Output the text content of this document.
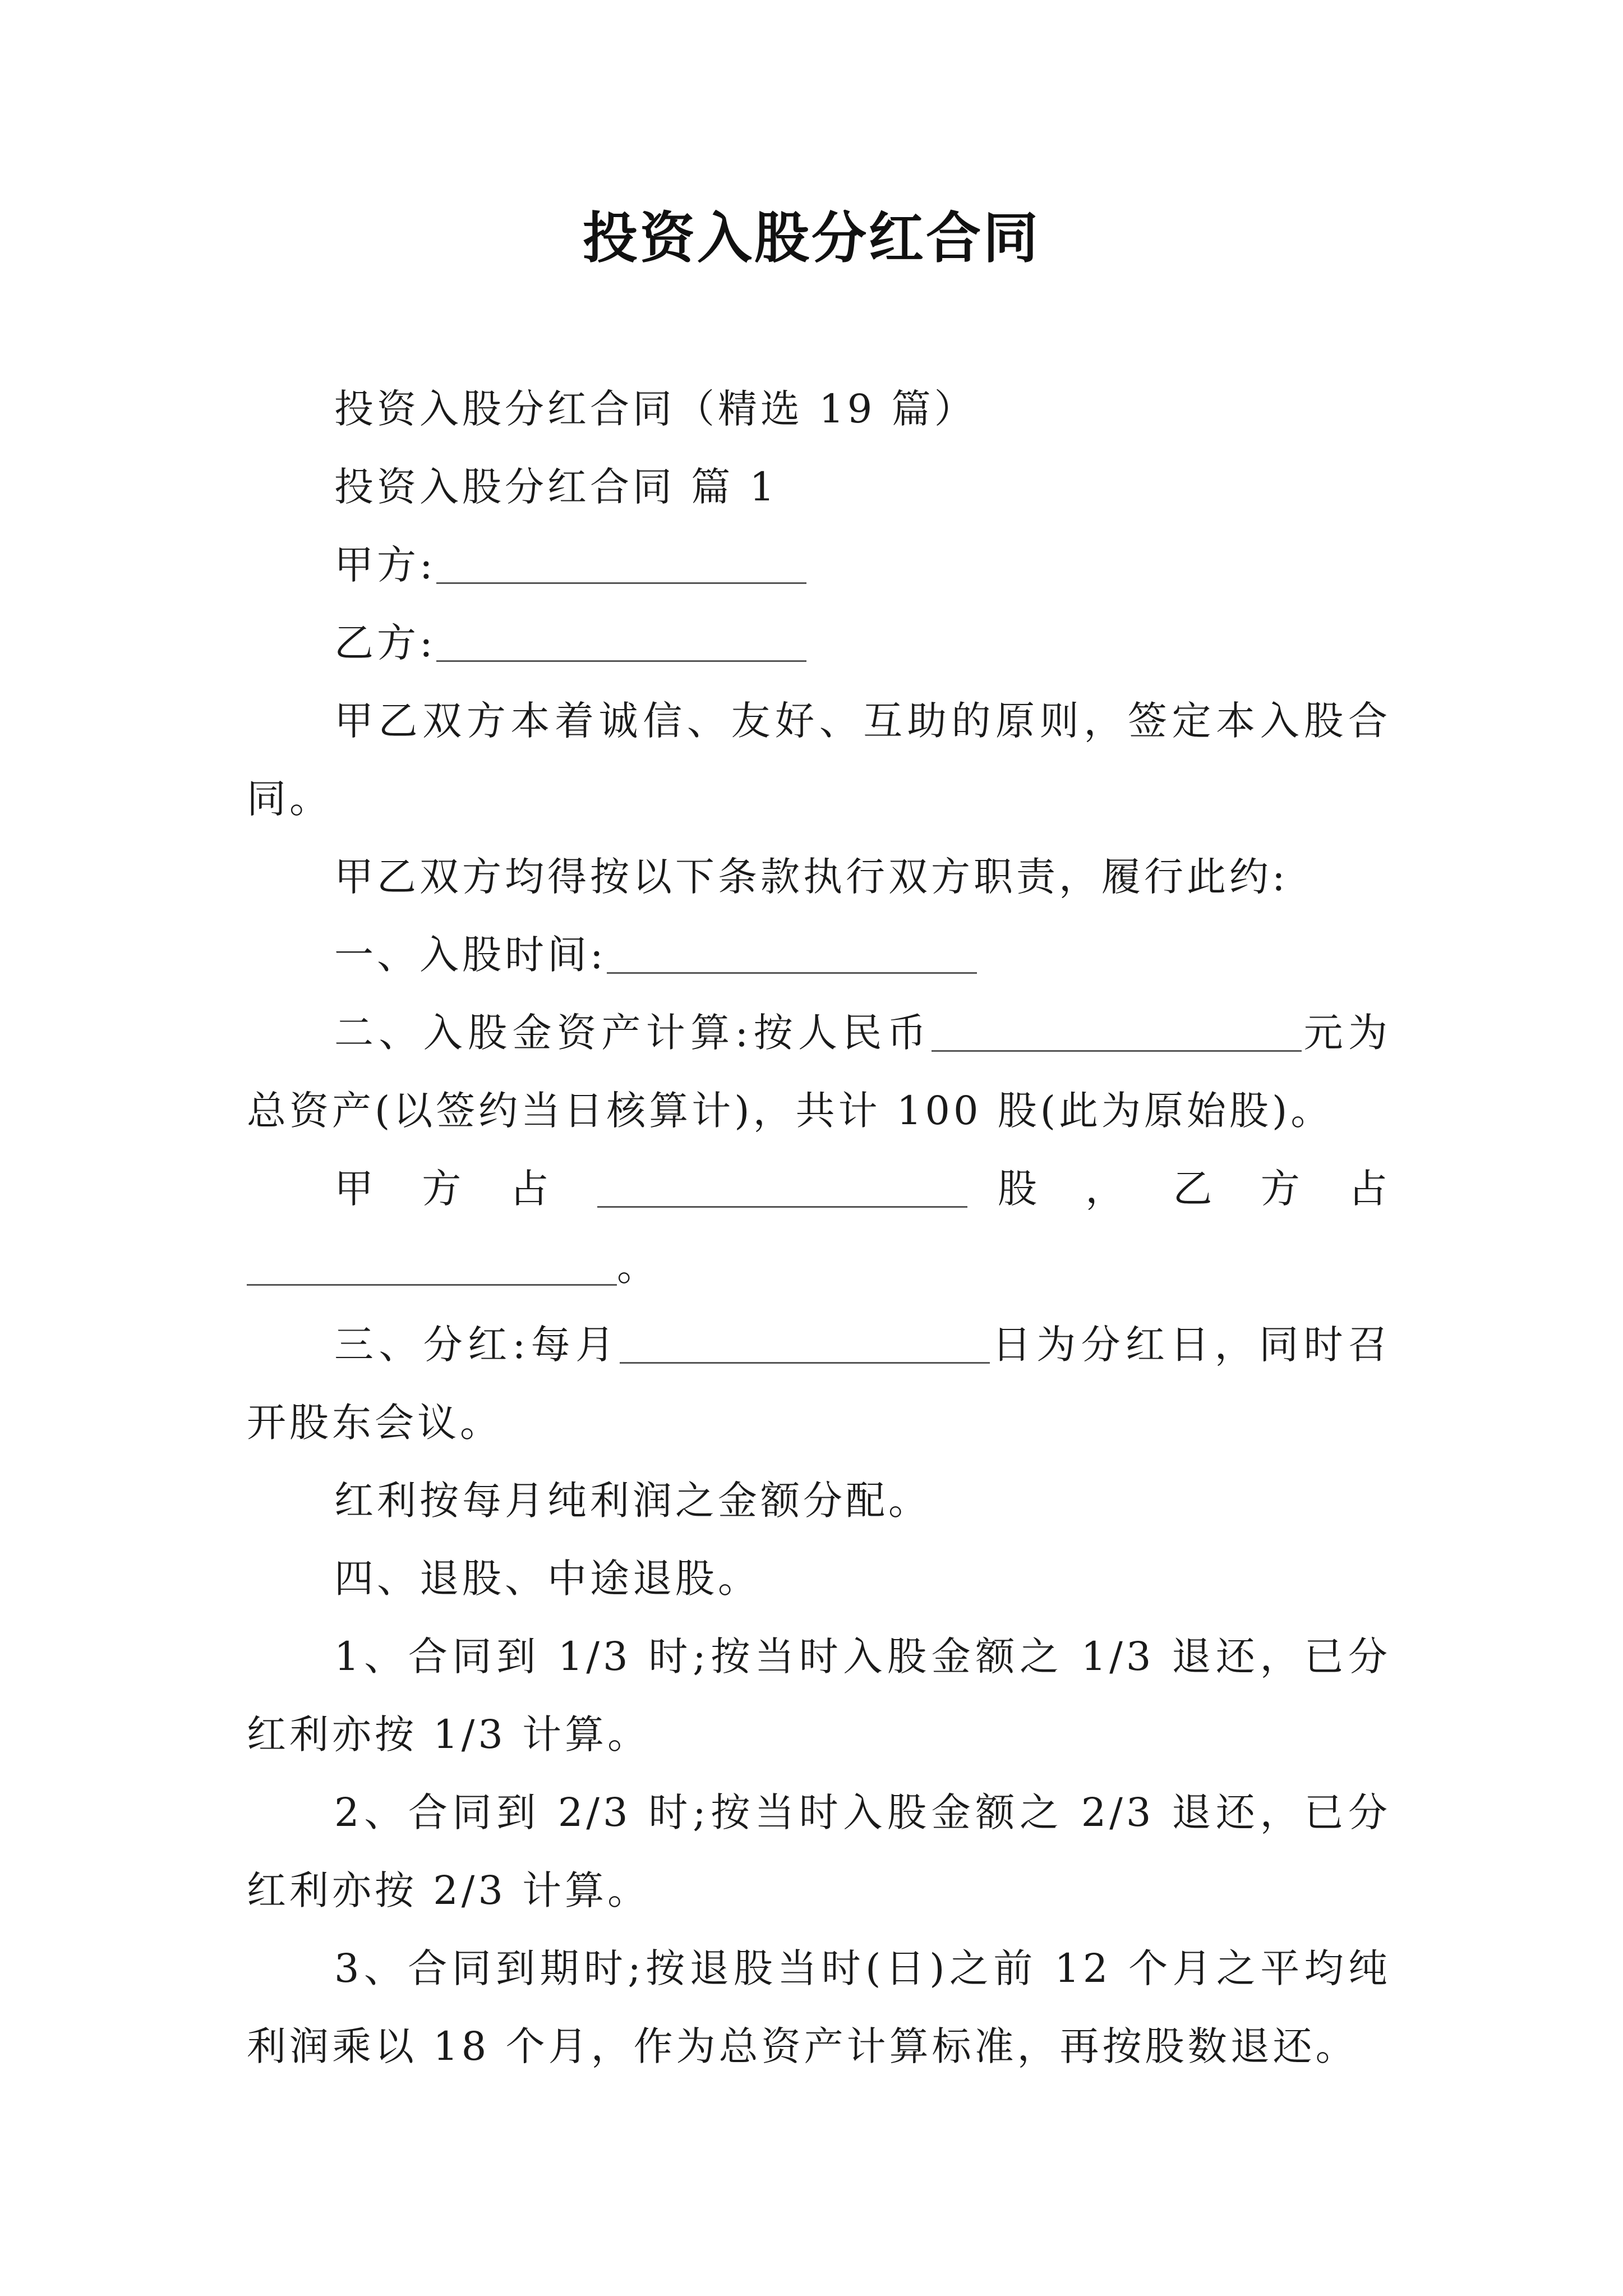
投资入股分红合同

投资入股分红合同（精选 19 篇）

投资入股分红合同 篇 1

甲方:

乙方:

甲乙双方本着诚信、友好、互助的原则，签定本入股合同。

甲乙双方均得按以下条款执行双方职责，履行此约:

一、入股时间:

二、入股金资产计算:按人民币	元为总资产(以签约当日核算计)，共计 100 股(此为原始股)。

甲 方 占	股 ， 乙 方 占

。

三、分红:每月	日为分红日，同时召开股东会议。

红利按每月纯利润之金额分配。

四、退股、中途退股。

1、合同到 1/3 时;按当时入股金额之 1/3 退还，已分红利亦按 1/3 计算。

2、合同到 2/3 时;按当时入股金额之 2/3 退还，已分红利亦按 2/3 计算。

3、合同到期时;按退股当时(日)之前 12 个月之平均纯利润乘以 18 个月，作为总资产计算标准，再按股数退还。
